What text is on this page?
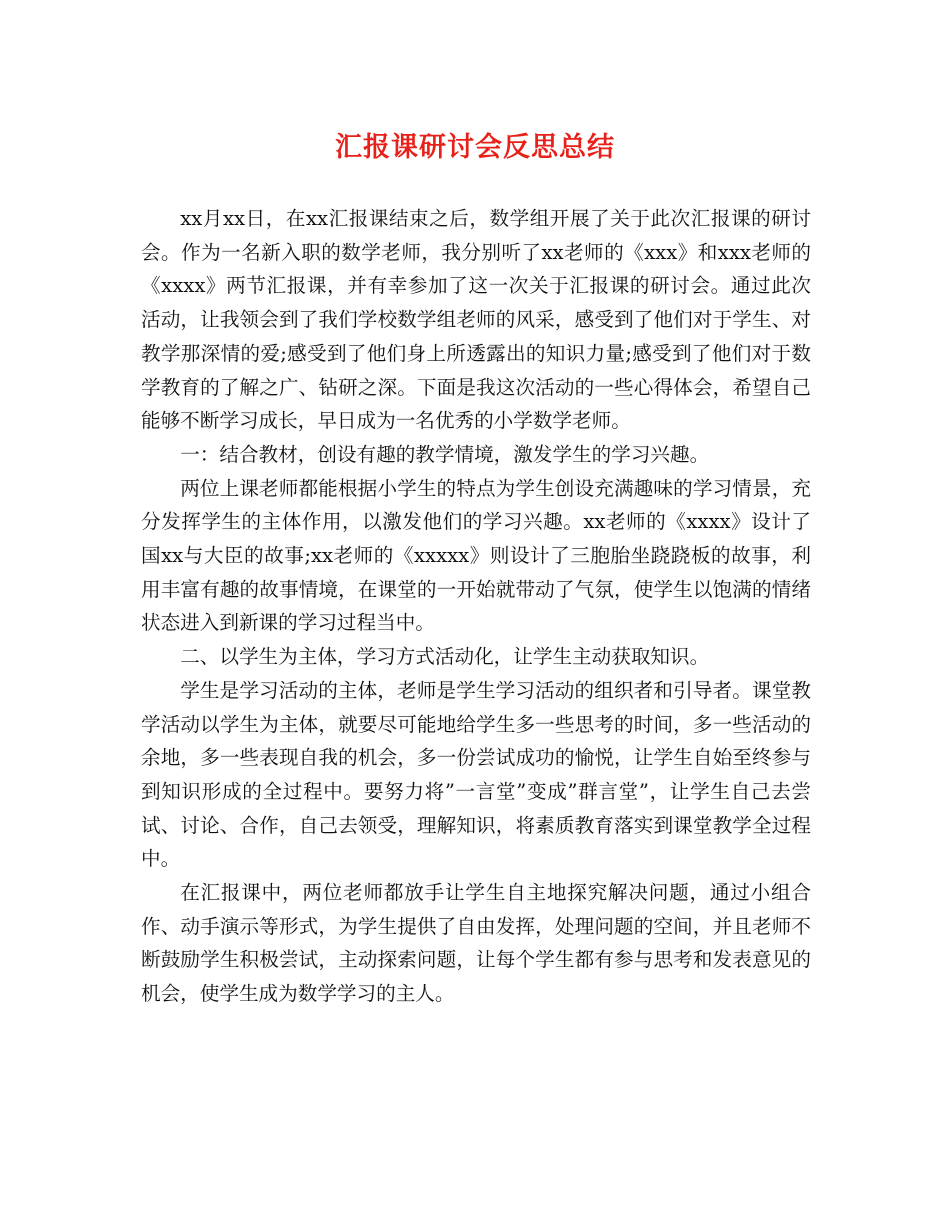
汇报课研讨会反思总结

xx月xx日，在xx汇报课结束之后，数学组开展了关于此次汇报课的研讨会。作为一名新入职的数学老师，我分别听了xx老师的《xxx》和xxx老师的《xxxx》两节汇报课，并有幸参加了这一次关于汇报课的研讨会。通过此次活动，让我领会到了我们学校数学组老师的风采，感受到了他们对于学生、对教学那深情的爱;感受到了他们身上所透露出的知识力量;感受到了他们对于数学教育的了解之广、钻研之深。下面是我这次活动的一些心得体会，希望自己能够不断学习成长，早日成为一名优秀的小学数学老师。

一：结合教材，创设有趣的教学情境，激发学生的学习兴趣。

两位上课老师都能根据小学生的特点为学生创设充满趣味的学习情景，充分发挥学生的主体作用，以激发他们的学习兴趣。xx老师的《xxxx》设计了国xx与大臣的故事;xx老师的《xxxxx》则设计了三胞胎坐跷跷板的故事，利用丰富有趣的故事情境，在课堂的一开始就带动了气氛，使学生以饱满的情绪状态进入到新课的学习过程当中。

二、以学生为主体，学习方式活动化，让学生主动获取知识。

学生是学习活动的主体，老师是学生学习活动的组织者和引导者。课堂教学活动以学生为主体，就要尽可能地给学生多一些思考的时间，多一些活动的余地，多一些表现自我的机会，多一份尝试成功的愉悦，让学生自始至终参与到知识形成的全过程中。要努力将”一言堂”变成”群言堂”，让学生自己去尝试、讨论、合作，自己去领受，理解知识，将素质教育落实到课堂教学全过程中。

在汇报课中，两位老师都放手让学生自主地探究解决问题，通过小组合作、动手演示等形式，为学生提供了自由发挥，处理问题的空间，并且老师不断鼓励学生积极尝试，主动探索问题，让每个学生都有参与思考和发表意见的机会，使学生成为数学学习的主人。
